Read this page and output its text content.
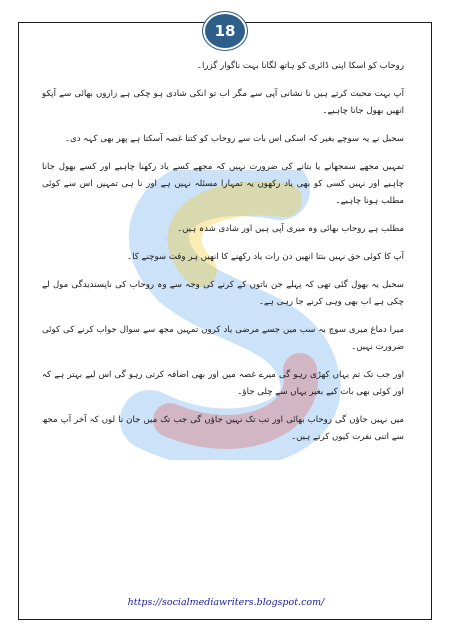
18

روحاب کو اسکا اپنی ڈائری کو ہاتھ لگانا بہت ناگوار گزرا۔

آپ بہت محبت کرتے ہیں نا نشانی آپی سے مگر اب تو انکی شادی ہو چکی ہے زاروں بھائی سے آپکو انھیں بھول جانا چاہیے۔

سحبل نے یہ سوچے بغیر کہ اسکی اس بات سے روحاب کو کتنا غصہ آسکتا ہے پھر بھی کہہ دی۔

تمہیں مجھے سمجھانے یا بتانے کی ضرورت نہیں کہ مجھے کسے یاد رکھنا چاہیے اور کسے بھول جانا چاہیے اور نہیں کسی کو بھی یاد رکھوں یہ تمہارا مسئلہ نہیں ہے اور نا ہی تمہیں اس سے کوئی مطلب ہونا چاہیے۔

مطلب ہے روحاب بھائی وہ میری آپی ہیں اور شادی شدہ ہیں۔

آپ کا کوئی حق نہیں بنتا انھیں دن رات یاد رکھنے کا انھیں ہر وقت سوچنے کا۔

سحبل یہ بھول گئی تھی کہ پہلے جن باتوں کے کرنے کی وجہ سے وہ روحاب کی ناپسندیدگی مول لے چکی ہے اب بھی وہی کرنے جا رہی ہے۔

میرا دماغ میری سوچ یہ سب میں جسے مرضی یاد کروں تمہیں مجھ سے سوال جواب کرنے کی کوئی ضرورت نہیں۔

اور جب تک تم یہاں کھڑی رہو گی میرے غصہ میں اور بھی اضافہ کرتی رہو گی اس لیے بہتر ہے کہ اور کوئی بھی بات کیے بغیر یہاں سے چلی جاؤ۔

میں نہیں جاؤں گی روحاب بھائی اور تب تک نہیں جاؤں گی جب تک میں جان نا لوں کہ آخر آپ مجھ سے اتنی نفرت کیوں کرتے ہیں۔

https://socialmediawriters.blogspot.com/
